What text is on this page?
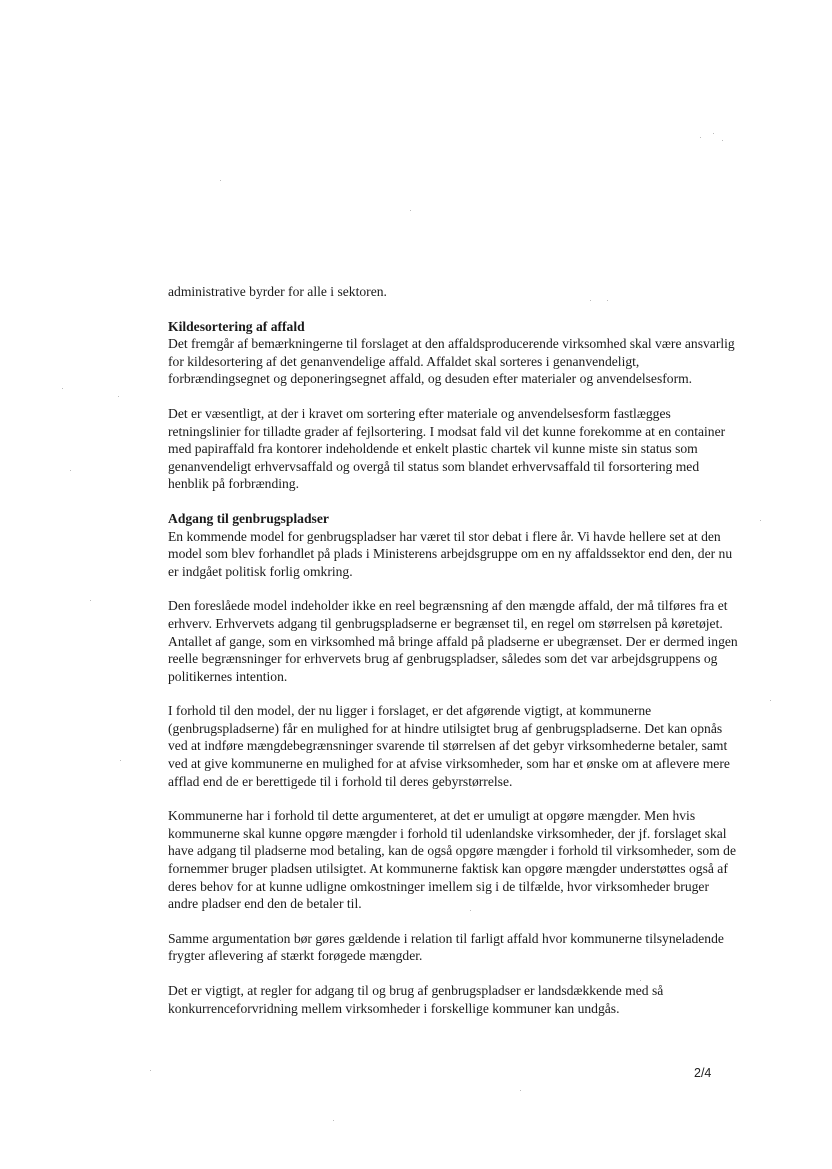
administrative byrder for alle i sektoren.

Kildesortering af affald

Det fremgår af bemærkningerne til forslaget at den affaldsproducerende virksomhed skal være ansvarlig for kildesortering af det genanvendelige affald. Affaldet skal sorteres i genanvendeligt, forbrændingsegnet og deponeringsegnet affald, og desuden efter materialer og anvendelsesform.

Det er væsentligt, at der i kravet om sortering efter materiale og anvendelsesform fastlægges retningslinier for tilladte grader af fejlsortering. I modsat fald vil det kunne forekomme at en container med papiraffald fra kontorer indeholdende et enkelt plastic chartek vil kunne miste sin status som genanvendeligt erhvervsaffald og overgå til status som blandet erhvervsaffald til forsortering med henblik på forbrænding.

Adgang til genbrugspladser

En kommende model for genbrugspladser har været til stor debat i flere år. Vi havde hellere set at den model som blev forhandlet på plads i Ministerens arbejdsgruppe om en ny affaldssektor end den, der nu er indgået politisk forlig omkring.

Den foreslåede model indeholder ikke en reel begrænsning af den mængde affald, der må tilføres fra et erhverv. Erhvervets adgang til genbrugspladserne er begrænset til, en regel om størrelsen på køretøjet. Antallet af gange, som en virksomhed må bringe affald på pladserne er ubegrænset. Der er dermed ingen reelle begrænsninger for erhvervets brug af genbrugspladser, således som det var arbejdsgruppens og politikernes intention.

I forhold til den model, der nu ligger i forslaget, er det afgørende vigtigt, at kommunerne (genbrugspladserne) får en mulighed for at hindre utilsigtet brug af genbrugspladserne. Det kan opnås ved at indføre mængdebegrænsninger svarende til størrelsen af det gebyr virksomhederne betaler, samt ved at give kommunerne en mulighed for at afvise virksomheder, som har et ønske om at aflevere mere afflad end de er berettigede til i forhold til deres gebyrstørrelse.

Kommunerne har i forhold til dette argumenteret, at det er umuligt at opgøre mængder. Men hvis kommunerne skal kunne opgøre mængder i forhold til udenlandske virksomheder, der jf. forslaget skal have adgang til pladserne mod betaling, kan de også opgøre mængder i forhold til virksomheder, som de fornemmer bruger pladsen utilsigtet. At kommunerne faktisk kan opgøre mængder understøttes også af deres behov for at kunne udligne omkostninger imellem sig i de tilfælde, hvor virksomheder bruger andre pladser end den de betaler til.

Samme argumentation bør gøres gældende i relation til farligt affald hvor kommunerne tilsyneladende frygter aflevering af stærkt forøgede mængder.

Det er vigtigt, at regler for adgang til og brug af genbrugspladser er landsdækkende med så konkurrenceforvridning mellem virksomheder i forskellige kommuner kan undgås.

2/4
